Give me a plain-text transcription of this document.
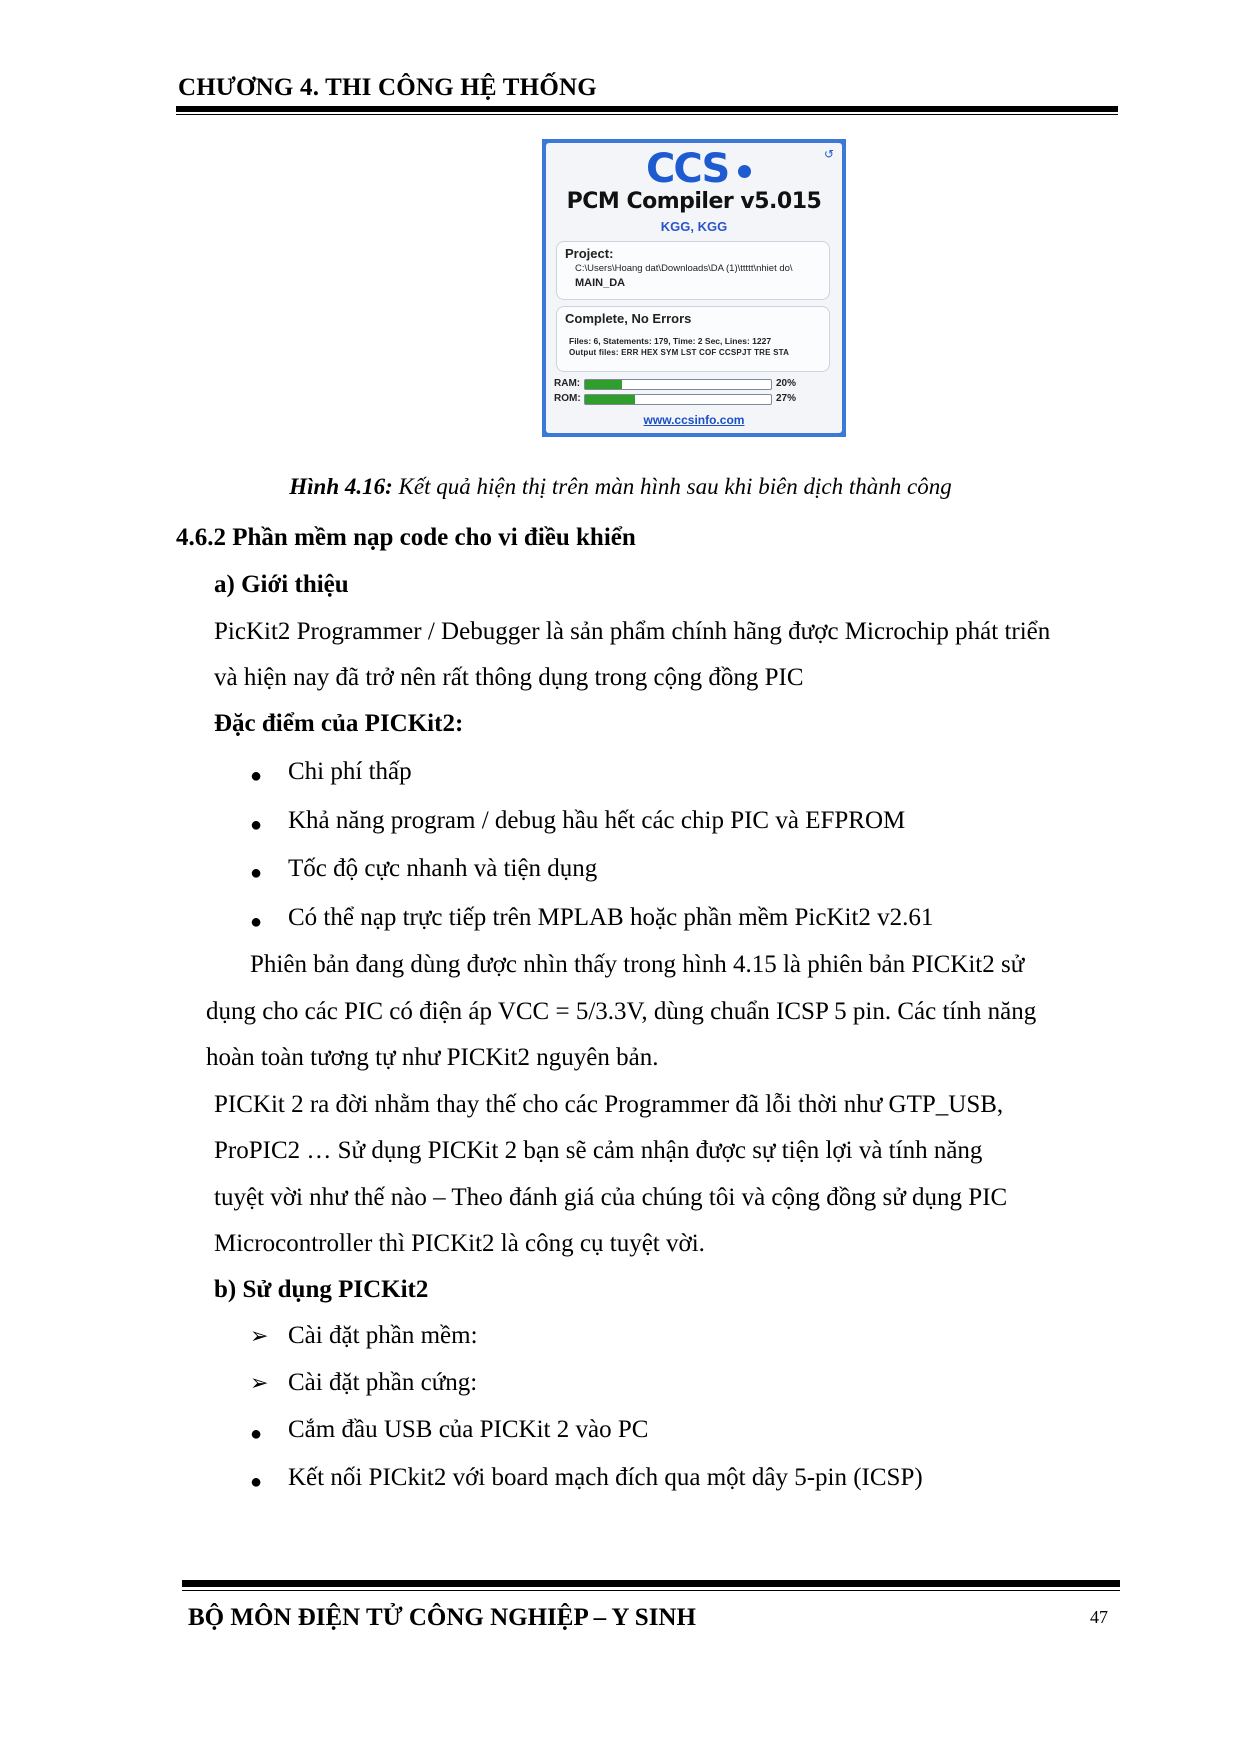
CHƯƠNG 4. THI CÔNG HỆ THỐNG
CCS	↺
PCM Compiler v5.015
KGG, KGG
Project:
C:\Users\Hoang dat\Downloads\DA (1)\ttttt\nhiet do\
MAIN_DA
Complete, No Errors
Files: 6, Statements: 179, Time: 2 Sec, Lines: 1227
Output files: ERR HEX SYM LST COF CCSPJT TRE STA
RAM:	20%
ROM:	27%
www.ccsinfo.com
Hình 4.16: Kết quả hiện thị trên màn hình sau khi biên dịch thành công
4.6.2 Phần mềm nạp code cho vi điều khiển
a) Giới thiệu
PicKit2 Programmer / Debugger là sản phẩm chính hãng được Microchip phát triển
và hiện nay đã trở nên rất thông dụng trong cộng đồng PIC
Đặc điểm của PICKit2:
● Chi phí thấp
● Khả năng program / debug hầu hết các chip PIC và EFPROM
● Tốc độ cực nhanh và tiện dụng
● Có thể nạp trực tiếp trên MPLAB hoặc phần mềm PicKit2 v2.61
Phiên bản đang dùng được nhìn thấy trong hình 4.15 là phiên bản PICKit2 sử
dụng cho các PIC có điện áp VCC = 5/3.3V, dùng chuẩn ICSP 5 pin. Các tính năng
hoàn toàn tương tự như PICKit2 nguyên bản.
PICKit 2 ra đời nhằm thay thế cho các Programmer đã lỗi thời như GTP_USB,
ProPIC2 … Sử dụng PICKit 2 bạn sẽ cảm nhận được sự tiện lợi và tính năng
tuyệt vời như thế nào – Theo đánh giá của chúng tôi và cộng đồng sử dụng PIC
Microcontroller thì PICKit2 là công cụ tuyệt vời.
b) Sử dụng PICKit2
➢ Cài đặt phần mềm:
➢ Cài đặt phần cứng:
● Cắm đầu USB của PICKit 2 vào PC
● Kết nối PICkit2 với board mạch đích qua một dây 5-pin (ICSP)
BỘ MÔN ĐIỆN TỬ CÔNG NGHIỆP – Y SINH	47
